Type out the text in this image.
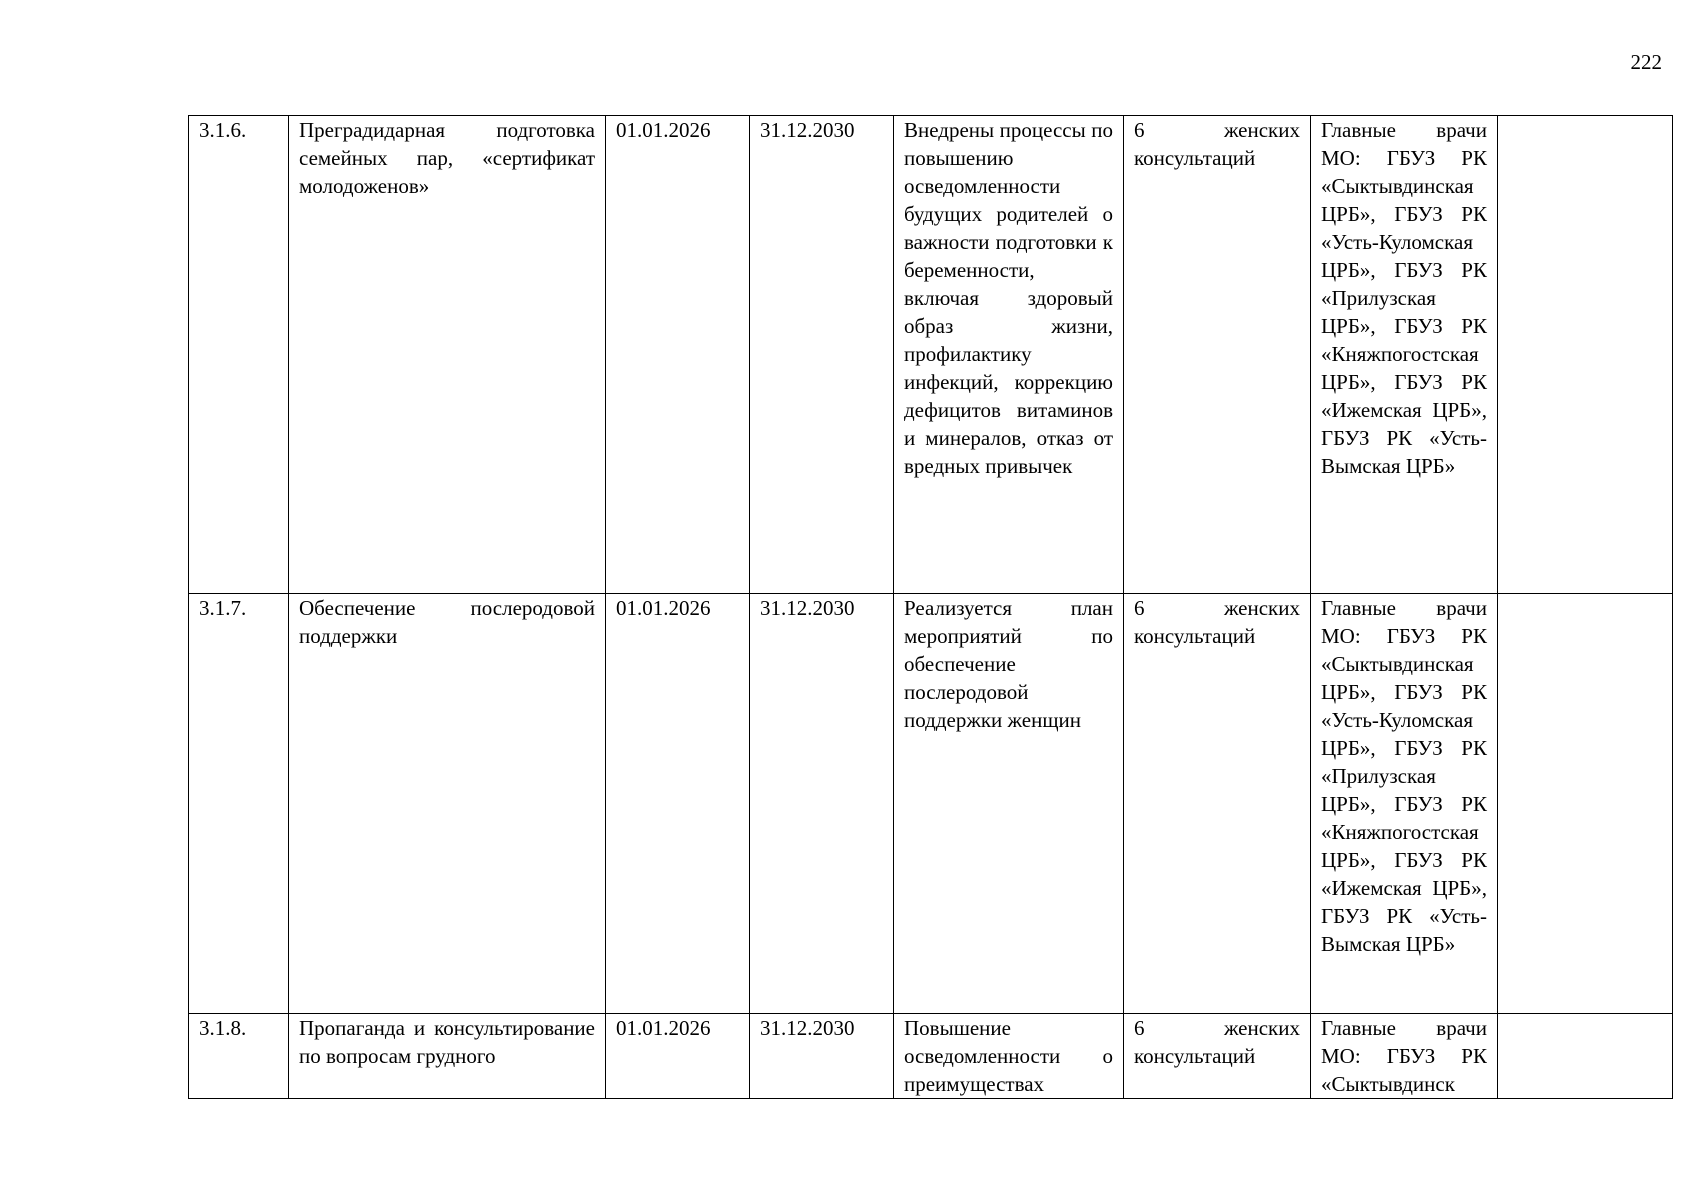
222
3.1.6.	Преградидарная подготовка семейных пар, «сертификат молодоженов»	01.01.2026	31.12.2030	Внедрены процессы по повышению осведомленности будущих родителей о важности подготовки к беременности, включая здоровый образ жизни, профилактику инфекций, коррекцию дефицитов витаминов и минералов, отказ от вредных привычек	6 женских консультаций	Главные врачи МО: ГБУЗ РК «Сыктывдинская ЦРБ», ГБУЗ РК «Усть-Куломская ЦРБ», ГБУЗ РК «Прилузская ЦРБ», ГБУЗ РК «Княжпогостская ЦРБ», ГБУЗ РК «Ижемская ЦРБ», ГБУЗ РК «Усть-Вымская ЦРБ»	
3.1.7.	Обеспечение послеродовой поддержки	01.01.2026	31.12.2030	Реализуется план мероприятий по обеспечение послеродовой поддержки женщин	6 женских консультаций	Главные врачи МО: ГБУЗ РК «Сыктывдинская ЦРБ», ГБУЗ РК «Усть-Куломская ЦРБ», ГБУЗ РК «Прилузская ЦРБ», ГБУЗ РК «Княжпогостская ЦРБ», ГБУЗ РК «Ижемская ЦРБ», ГБУЗ РК «Усть-Вымская ЦРБ»	

3.1.8.	Пропаганда и консультирование по вопросам грудного	01.01.2026	31.12.2030	Повышение осведомленности о преимуществах	6 женских консультаций	Главные врачи МО: ГБУЗ РК «Сыктывдинск	
